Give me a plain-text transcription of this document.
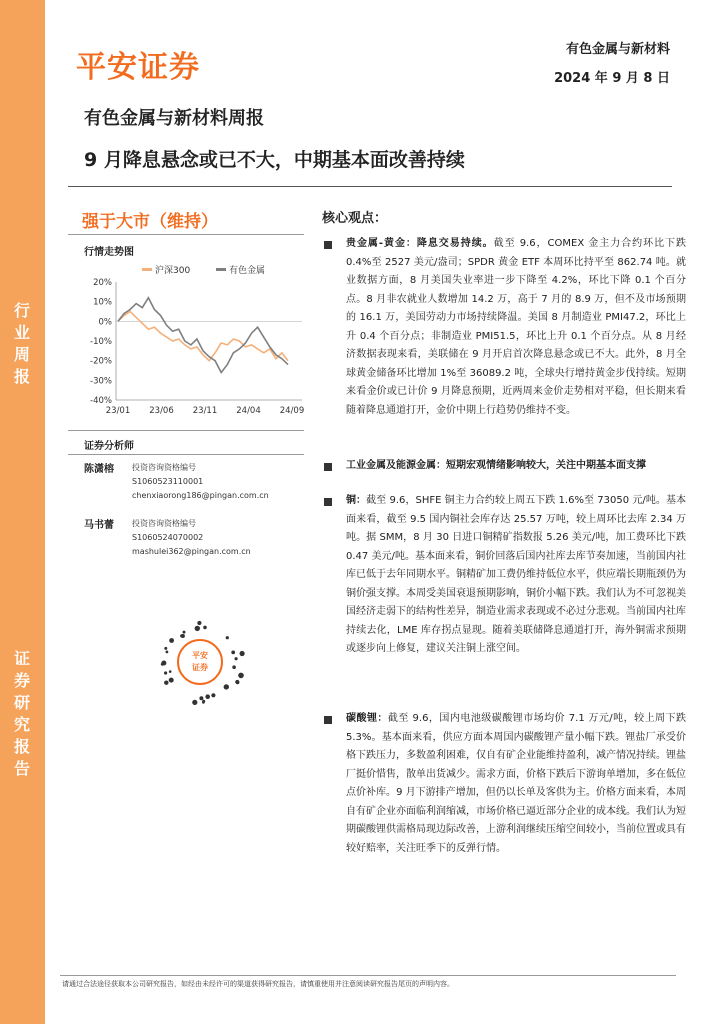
行
业
周
报
证
券
研
究
报
告
平安证券
有色金属与新材料
2024 年 9 月 8 日
有色金属与新材料周报
9 月降息悬念或已不大，中期基本面改善持续
强于大市（维持）
行情走势图
20%
10%
0%
-10%
-20%
-30%
-40%
23/01 23/06 23/11 24/04 24/09
沪深300	有色金属
证券分析师
陈潇榕 投资咨询资格编号
S1060523110001
chenxiaorong186@pingan.com.cn
马书蕾 投资咨询资格编号
S1060524070002
mashulei362@pingan.com.cn
平安
证券
核心观点：
贵金属-黄金：降息交易持续。截至 9.6，COMEX 金主力合约环比下跌 0.4%至 2527 美元/盎司；SPDR 黄金 ETF 本周环比持平至 862.74 吨。就业数据方面，8 月美国失业率进一步下降至 4.2%，环比下降 0.1 个百分点。8 月非农就业人数增加 14.2 万，高于 7 月的 8.9 万，但不及市场预期的 16.1 万，美国劳动力市场持续降温。美国 8 月制造业 PMI47.2，环比上升 0.4 个百分点；非制造业 PMI51.5，环比上升 0.1 个百分点。从 8 月经济数据表现来看，美联储在 9 月开启首次降息悬念或已不大。此外，8 月全球黄金储备环比增加 1%至 36089.2 吨，全球央行增持黄金步伐持续。短期来看金价或已计价 9 月降息预期，近两周来金价走势相对平稳，但长期来看随着降息通道打开，金价中期上行趋势仍维持不变。
工业金属及能源金属：短期宏观情绪影响较大，关注中期基本面支撑
铜：截至 9.6，SHFE 铜主力合约较上周五下跌 1.6%至 73050 元/吨。基本面来看，截至 9.5 国内铜社会库存达 25.57 万吨，较上周环比去库 2.34 万吨。据 SMM，8 月 30 日进口铜精矿指数报 5.26 美元/吨，加工费环比下跌 0.47 美元/吨。基本面来看，铜价回落后国内社库去库节奏加速，当前国内社库已低于去年同期水平。铜精矿加工费仍维持低位水平，供应端长期瓶颈仍为铜价强支撑。本周受美国衰退预期影响，铜价小幅下跌。我们认为不可忽视美国经济走弱下的结构性差异，制造业需求表现或不必过分悲观。当前国内社库持续去化，LME 库存拐点显现。随着美联储降息通道打开，海外铜需求预期或逐步向上修复，建议关注铜上涨空间。
碳酸锂：截至 9.6，国内电池级碳酸锂市场均价 7.1 万元/吨，较上周下跌 5.3%。基本面来看，供应方面本周国内碳酸锂产量小幅下跌。锂盐厂承受价格下跌压力，多数盈利困难，仅自有矿企业能维持盈利，减产情况持续。锂盐厂挺价惜售，散单出货减少。需求方面，价格下跌后下游询单增加，多在低位点价补库。9 月下游排产增加，但仍以长单及客供为主。价格方面来看，本周自有矿企业亦面临利润缩减，市场价格已逼近部分企业的成本线。我们认为短期碳酸锂供需格局现边际改善，上游利润继续压缩空间较小，当前位置或具有较好赔率，关注旺季下的反弹行情。
请通过合法途径获取本公司研究报告，如经由未经许可的渠道获得研究报告，请慎重使用并注意阅读研究报告尾页的声明内容。
